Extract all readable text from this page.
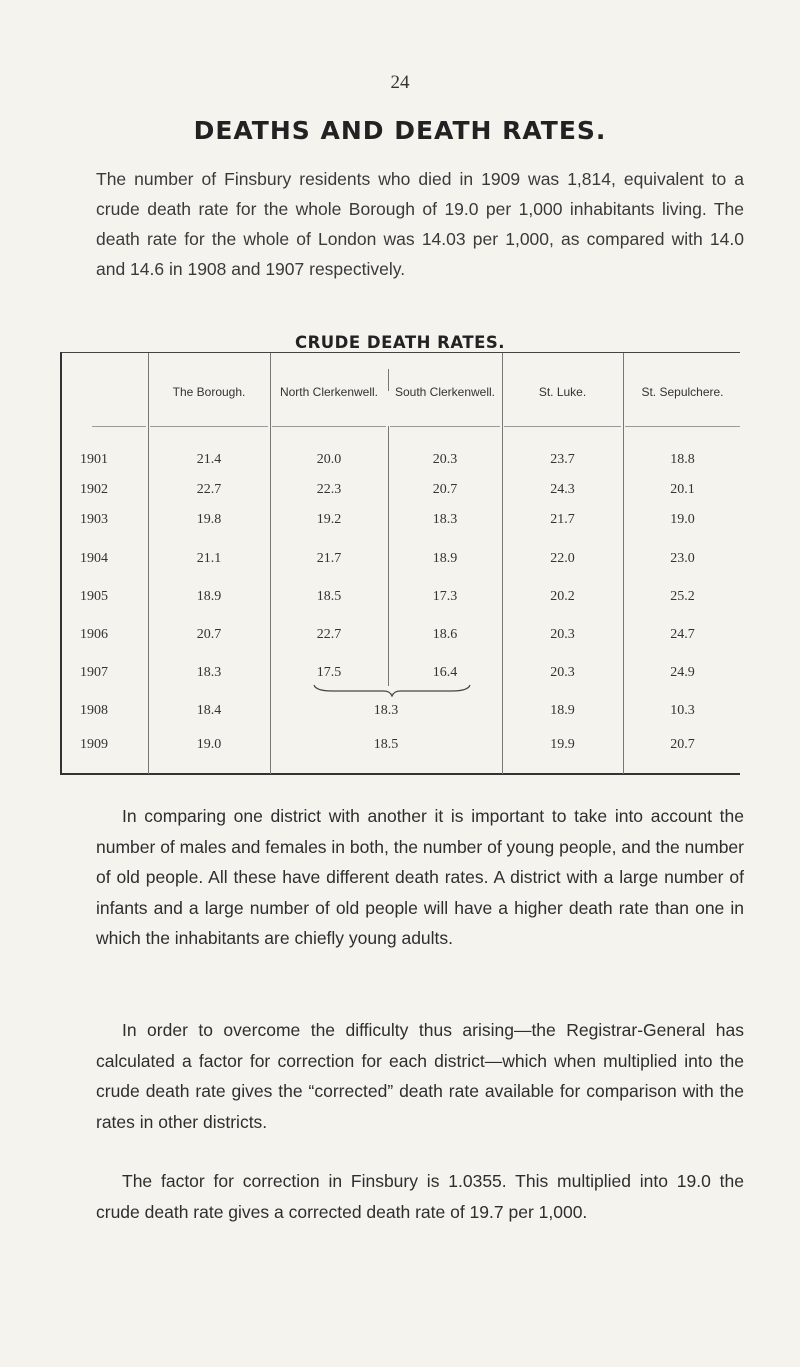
24
DEATHS AND DEATH RATES.

The number of Finsbury residents who died in 1909 was 1,814, equivalent to a crude death rate for the whole Borough of 19.0 per 1,000 inhabitants living. The death rate for the whole of London was 14.03 per 1,000, as compared with 14.0 and 14.6 in 1908 and 1907 respectively.

CRUDE DEATH RATES.
The Borough.	North Clerkenwell.	South Clerkenwell.	St. Luke.	St. Sepulchere.
1901	21.4	20.0	20.3	23.7	18.8
1902	22.7	22.3	20.7	24.3	20.1
1903	19.8	19.2	18.3	21.7	19.0
1904	21.1	21.7	18.9	22.0	23.0
1905	18.9	18.5	17.3	20.2	25.2
1906	20.7	22.7	18.6	20.3	24.7
1907	18.3	17.5	16.4	20.3	24.9
1908	18.4	18.3	18.9	10.3
1909	19.0	18.5	19.9	20.7

In comparing one district with another it is important to take into account the number of males and females in both, the number of young people, and the number of old people. All these have different death rates. A district with a large number of infants and a large number of old people will have a higher death rate than one in which the inhabitants are chiefly young adults.

In order to overcome the difficulty thus arising—the Registrar-General has calculated a factor for correction for each district—which when multiplied into the crude death rate gives the “corrected” death rate available for comparison with the rates in other districts.

The factor for correction in Finsbury is 1.0355. This multiplied into 19.0 the crude death rate gives a corrected death rate of 19.7 per 1,000.
